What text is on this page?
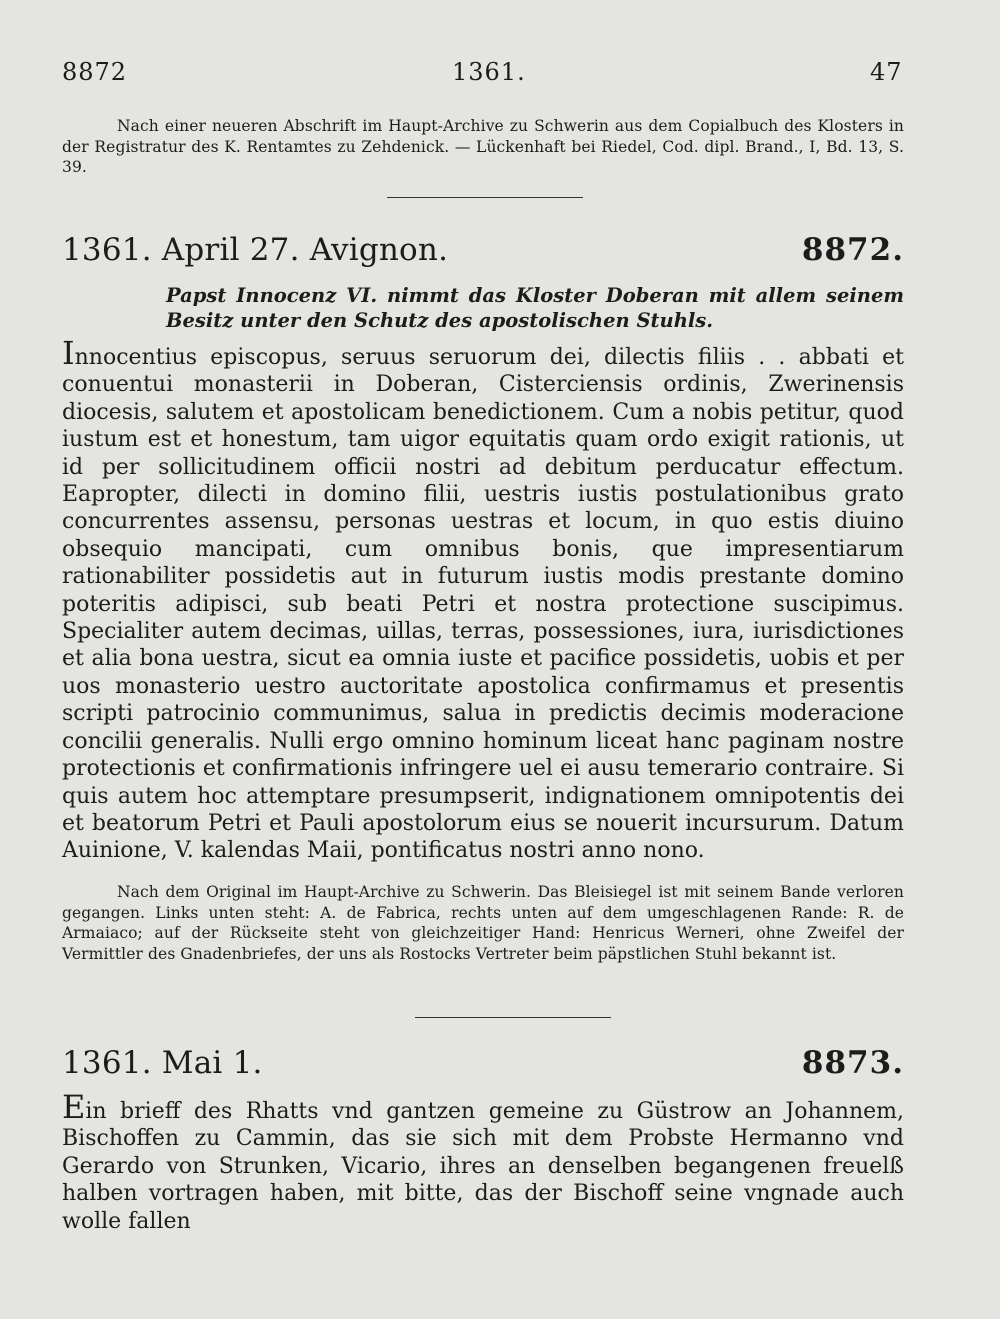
8872	1361.	47
Nach einer neueren Abschrift im Haupt-Archive zu Schwerin aus dem Copialbuch des Klosters in der Registratur des K. Rentamtes zu Zehdenick. — Lückenhaft bei Riedel, Cod. dipl. Brand., I, Bd. 13, S. 39.
1361. April 27. Avignon.	8872.
Papst Innocenz VI. nimmt das Kloster Doberan mit allem seinem Besitz unter den Schutz des apostolischen Stuhls.
Innocentius episcopus, seruus seruorum dei, dilectis filiis . . abbati et conuentui monasterii in Doberan, Cisterciensis ordinis, Zwerinensis diocesis, salutem et apostolicam benedictionem. Cum a nobis petitur, quod iustum est et honestum, tam uigor equitatis quam ordo exigit rationis, ut id per sollicitudinem officii nostri ad debitum perducatur effectum. Eapropter, dilecti in domino filii, uestris iustis postulationibus grato concurrentes assensu, personas uestras et locum, in quo estis diuino obsequio mancipati, cum omnibus bonis, que impresentiarum rationabiliter possidetis aut in futurum iustis modis prestante domino poteritis adipisci, sub beati Petri et nostra protectione suscipimus. Specialiter autem decimas, uillas, terras, possessiones, iura, iurisdictiones et alia bona uestra, sicut ea omnia iuste et pacifice possidetis, uobis et per uos monasterio uestro auctoritate apostolica confirmamus et presentis scripti patrocinio communimus, salua in predictis decimis moderacione concilii generalis. Nulli ergo omnino hominum liceat hanc paginam nostre protectionis et confirmationis infringere uel ei ausu temerario contraire. Si quis autem hoc attemptare presumpserit, indignationem omnipotentis dei et beatorum Petri et Pauli apostolorum eius se nouerit incursurum. Datum Auinione, V. kalendas Maii, pontificatus nostri anno nono.
Nach dem Original im Haupt-Archive zu Schwerin. Das Bleisiegel ist mit seinem Bande verloren gegangen. Links unten steht: A. de Fabrica, rechts unten auf dem umgeschlagenen Rande: R. de Armaiaco; auf der Rückseite steht von gleichzeitiger Hand: Henricus Werneri, ohne Zweifel der Vermittler des Gnadenbriefes, der uns als Rostocks Vertreter beim päpstlichen Stuhl bekannt ist.
1361. Mai 1.	8873.
Ein brieff des Rhatts vnd gantzen gemeine zu Güstrow an Johannem, Bischoffen zu Cammin, das sie sich mit dem Probste Hermanno vnd Gerardo von Strunken, Vicario, ihres an denselben begangenen freuelß halben vortragen haben, mit bitte, das der Bischoff seine vngnade auch wolle fallen
